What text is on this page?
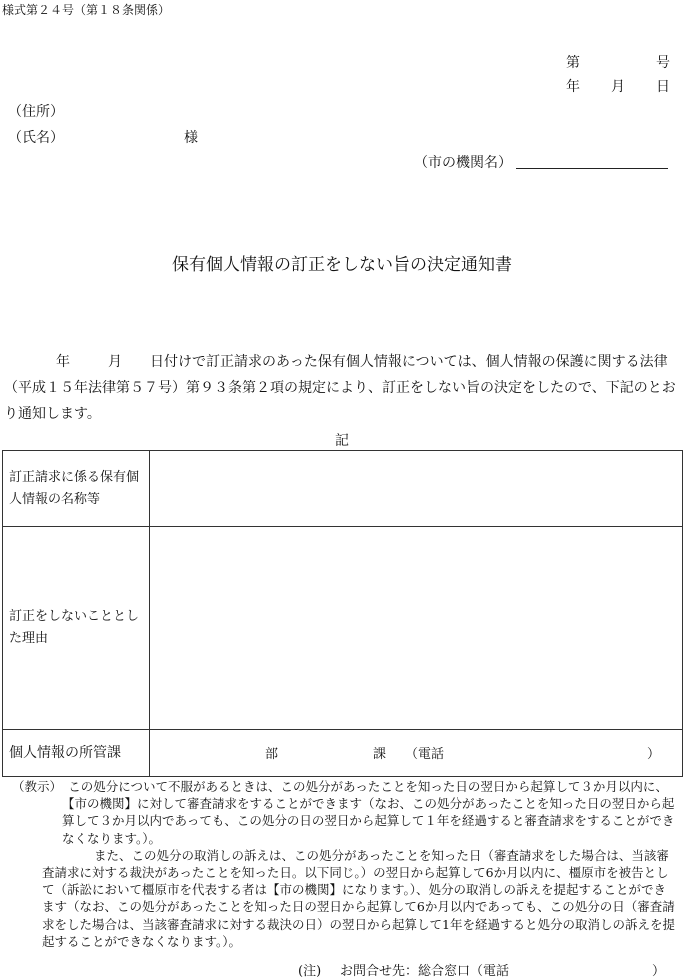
様式第２４号（第１８条関係）
第	号
年 月 日
（住所）
（氏名）	様
（市の機関名）
保有個人情報の訂正をしない旨の決定通知書
年	月 日付けで訂正請求のあった保有個人情報については、個人情報の保護に関する法律（平成１５年法律第５７号）第９３条第２項の規定により、訂正をしない旨の決定をしたので、下記のとおり通知します。
記
訂正請求に係る保有個人情報の名称等	
訂正をしないこととした理由	
個人情報の所管課	部 課 （電話 ）

（教示）　この処分について不服があるときは、この処分があったことを知った日の翌日から起算して３か月以内に、【市の機関】に対して審査請求をすることができます（なお、この処分があったことを知った日の翌日から起算して３か月以内であっても、この処分の日の翌日から起算して１年を経過すると審査請求をすることができなくなります。）。

また、この処分の取消しの訴えは、この処分があったことを知った日（審査請求をした場合は、当該審査請求に対する裁決があったことを知った日。以下同じ。）の翌日から起算して6か月以内に、橿原市を被告として（訴訟において橿原市を代表する者は【市の機関】になります。）、処分の取消しの訴えを提起することができます（なお、この処分があったことを知った日の翌日から起算して6か月以内であっても、この処分の日（審査請求をした場合は、当該審査請求に対する裁決の日）の翌日から起算して1年を経過すると処分の取消しの訴えを提起することができなくなります。）。

(注) お問合せ先：総合窓口（電話	）
